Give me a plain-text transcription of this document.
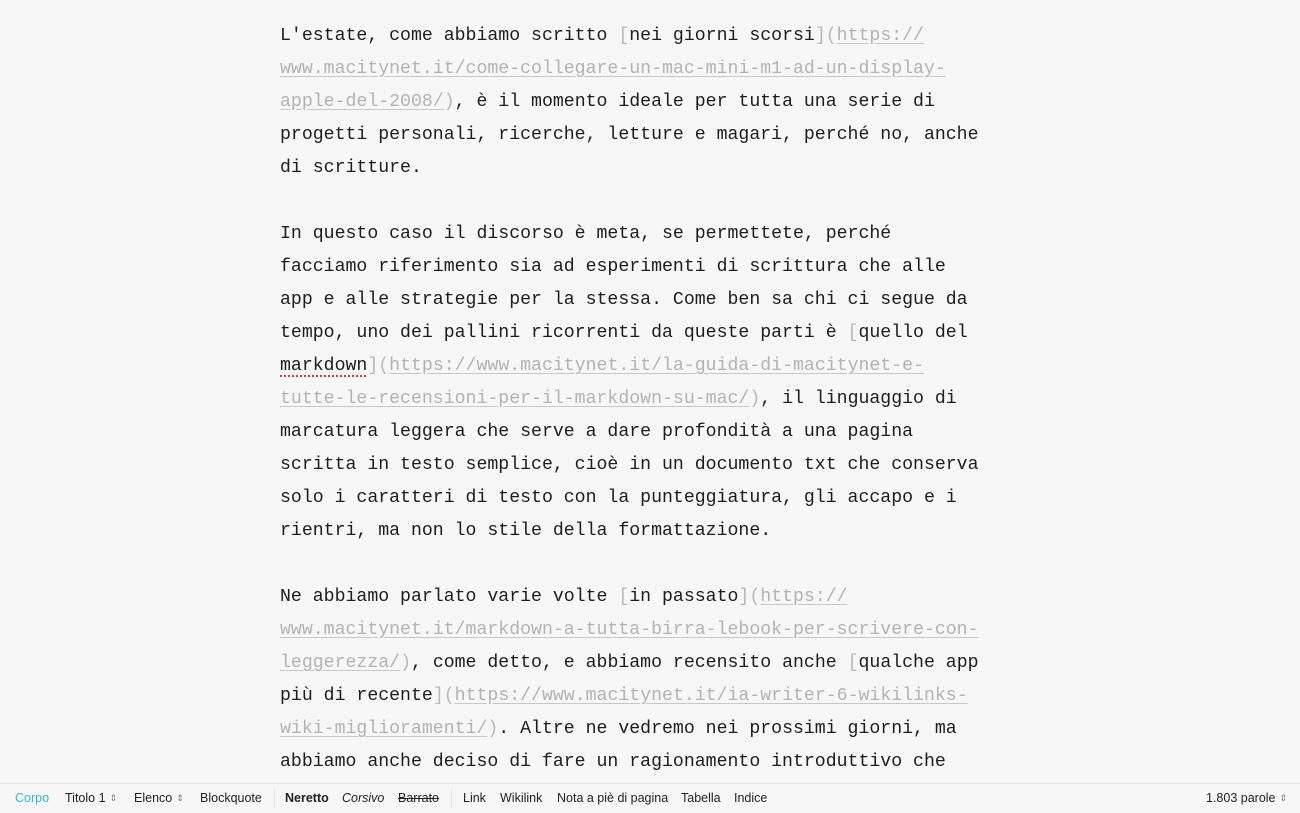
L'estate, come abbiamo scritto [nei giorni scorsi](https://
www.macitynet.it/come-collegare-un-mac-mini-m1-ad-un-display-
apple-del-2008/), è il momento ideale per tutta una serie di
progetti personali, ricerche, letture e magari, perché no, anche
di scritture.
In questo caso il discorso è meta, se permettete, perché
facciamo riferimento sia ad esperimenti di scrittura che alle
app e alle strategie per la stessa. Come ben sa chi ci segue da
tempo, uno dei pallini ricorrenti da queste parti è [quello del
markdown](https://www.macitynet.it/la-guida-di-macitynet-e-
tutte-le-recensioni-per-il-markdown-su-mac/), il linguaggio di
marcatura leggera che serve a dare profondità a una pagina
scritta in testo semplice, cioè in un documento txt che conserva
solo i caratteri di testo con la punteggiatura, gli accapo e i
rientri, ma non lo stile della formattazione.
Ne abbiamo parlato varie volte [in passato](https://
www.macitynet.it/markdown-a-tutta-birra-lebook-per-scrivere-con-
leggerezza/), come detto, e abbiamo recensito anche [qualche app
più di recente](https://www.macitynet.it/ia-writer-6-wikilinks-
wiki-miglioramenti/). Altre ne vedremo nei prossimi giorni, ma
abbiamo anche deciso di fare un ragionamento introduttivo che
Corpo Titolo 1 ⇕ Elenco ⇕ Blockquote Neretto Corsivo Barrato Link Wikilink Nota a piè di pagina Tabella Indice	1.803 parole ⇕
